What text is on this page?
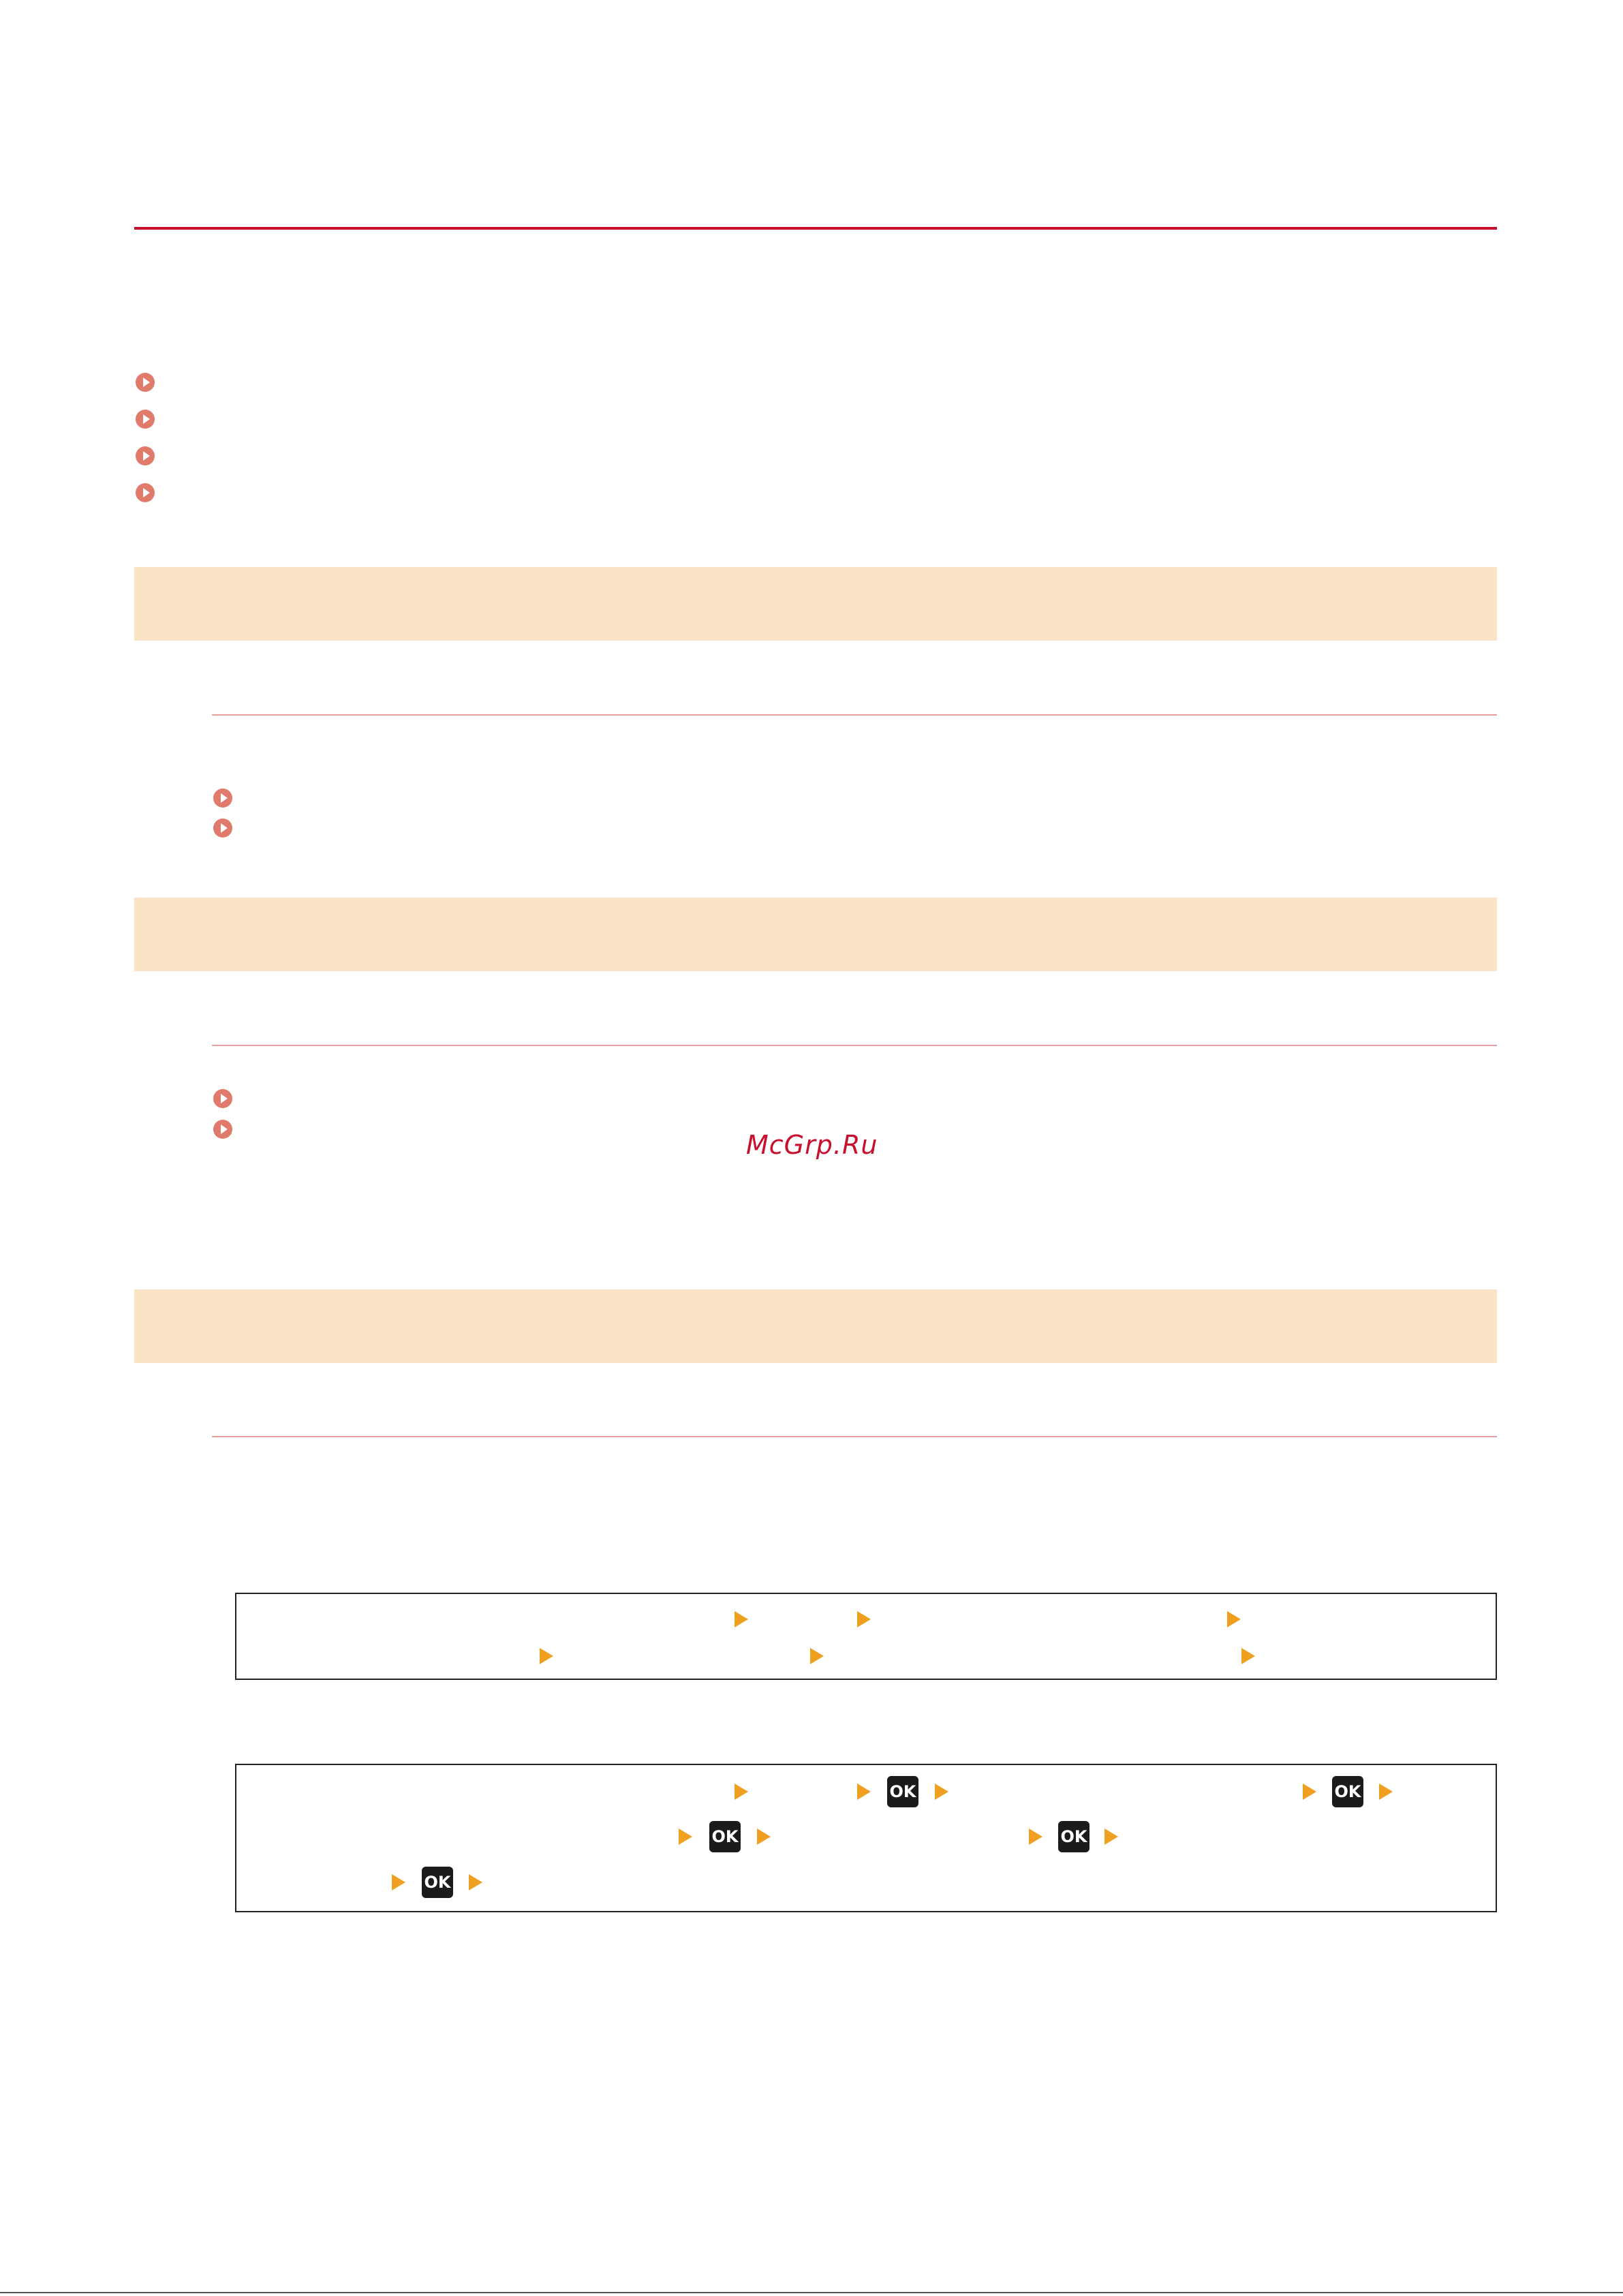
McGrp.Ru
OK	OK
OK	OK
OK
